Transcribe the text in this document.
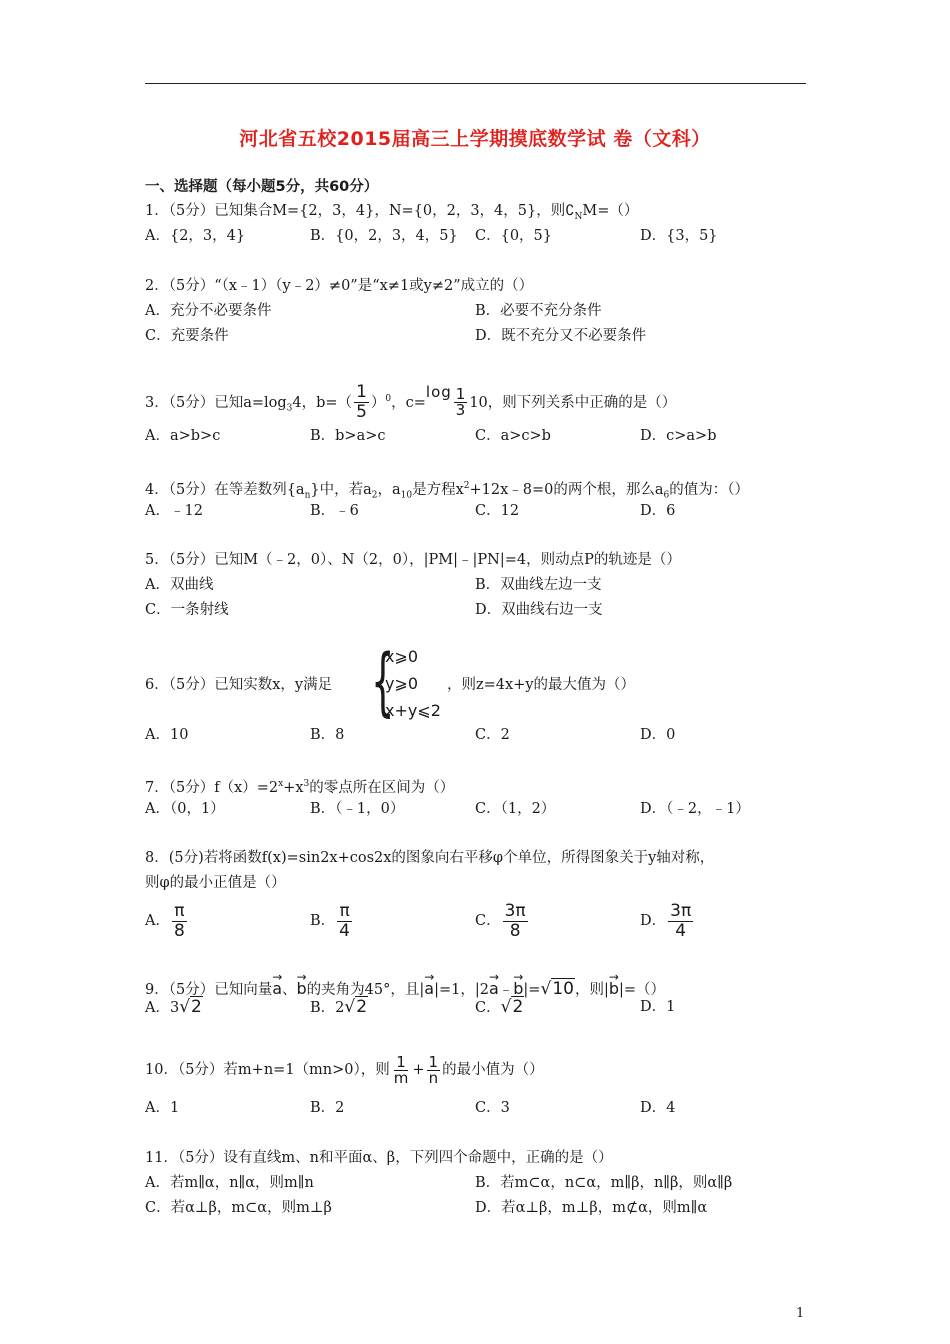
河北省五校2015届高三上学期摸底数学试 卷（文科）
一、选择题（每小题5分，共60分）
1．（5分）已知集合M={2，3，4}，N={0，2，3，4，5}，则$∁_NM=()$
A．{2，3，4}	B．{0，2，3，4，5} C．{0，5}	D．{3，5}
2．（5分）“（x﹣1）（y﹣2）≠0”是“x≠1或y≠2”成立的（）
A．充分不必要条件	B．必要不充分条件
C．充要条件	D．既不充分又不必要条件
3．（5分）已知$a=\log_34$，$b=( \frac{1}{5} )^0$，$c=\log \frac{1}{3} 10$，则下列关系中正确的是（）
A．a>b>c	B．b>a>c	C．a>c>b	D．c>a>b
4．（5分）在等差数列$\{a_n\}$中，若$a_2$，$a_{10}$是方程$x^2+12x﹣8=0$的两个根，那么$a_6$的值为：（）
A．﹣12	B．﹣6	C．12	D．6
5．（5分）已知M（﹣2，0）、N（2，0），|PM|﹣|PN|=4，则动点P的轨迹是（）
A．双曲线	B．双曲线左边一支
C．一条射线	D．双曲线右边一支
6．（5分）已知实数x，y满足 {
x⩾0
y⩾0
x+y⩽2
，则z=4x+y的最大值为（）
A．10	B．8	C．2	D．0
7．（5分）$f(x)=2^x+x^3$的零点所在区间为（）
A．（0，1）	B．（﹣1，0）	C．（1，2）	D．（﹣2，﹣1）
8．(5分)若将函数f(x)=sin2x+cos2x的图象向右平移φ个单位，所得图象关于y轴对称，
则φ的最小正值是（）
A． $\frac{\pi}{8}$	B． $\frac{\pi}{4}$	C． $\frac{3\pi}{8}$	D． $\frac{3\pi}{4}$
9．（5分）已知向量→ a、→ b的夹角为45°，且|→ a|=1，|2→ a﹣→ b|=√10，则|→ b|=（）
A．3√2	B．2√2	C．√2	D．1
10．（5分）若m+n=1（mn>0），则 $\frac{1}{m} + \frac{1}{n}$ 的最小值为（）
A．1	B．2	C．3	D．4
11．（5分）设有直线m、n和平面α、β，下列四个命题中，正确的是（）
A．若m∥α，n∥α，则m∥n	B．若m⊂α，n⊂α，m∥β，n∥β，则α∥β
C．若α⊥β，m⊂α，则m⊥β	D．若α⊥β，m⊥β，m⊄α，则m∥α
1
